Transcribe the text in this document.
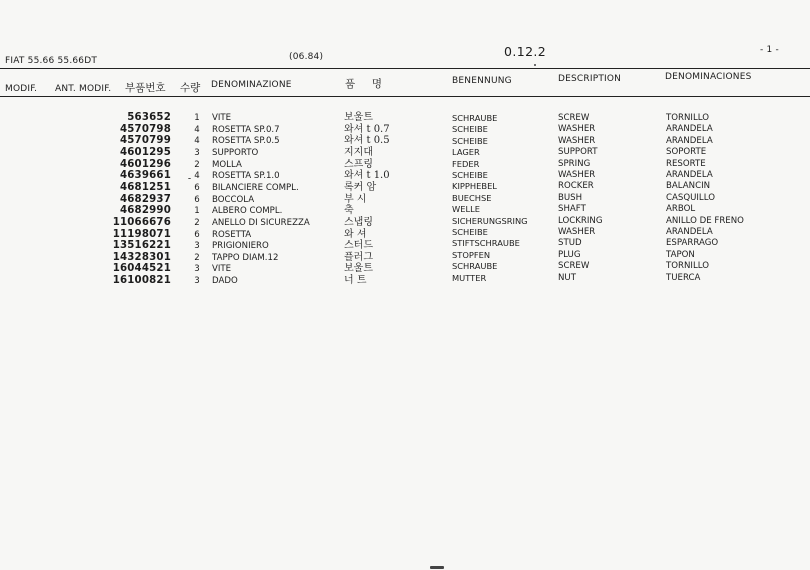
FIAT 55.66 55.66DT	(06.84)	0.12.2	- 1 -
MODIF. ANT. MODIF. 부품번호 수량 DENOMINAZIONE	품     명	BENENNUNG	DESCRIPTION	DENOMINACIONES
563652	1	VITE	보울트	SCHRAUBE	SCREW	TORNILLO
4570798	4	ROSETTA SP.0.7	와셔 t 0.7	SCHEIBE	WASHER	ARANDELA
4570799	4	ROSETTA SP.0.5	와셔 t 0.5	SCHEIBE	WASHER	ARANDELA
4601295	3	SUPPORTO	지지대	LAGER	SUPPORT	SOPORTE
4601296	2	MOLLA	스프링	FEDER	SPRING	RESORTE
4639661	4	ROSETTA SP.1.0	와셔 t 1.0	SCHEIBE	WASHER	ARANDELA
4681251	6	BILANCIERE COMPL.	록커 암	KIPPHEBEL	ROCKER	BALANCIN
4682937	6	BOCCOLA	부 시	BUECHSE	BUSH	CASQUILLO
4682990	1	ALBERO COMPL.	축	WELLE	SHAFT	ARBOL
11066676	2	ANELLO DI SICUREZZA	스냅링	SICHERUNGSRING	LOCKRING	ANILLO DE FRENO
11198071	6	ROSETTA	와 셔	SCHEIBE	WASHER	ARANDELA
13516221	3	PRIGIONIERO	스터드	STIFTSCHRAUBE	STUD	ESPARRAGO
14328301	2	TAPPO DIAM.12	플러그	STOPFEN	PLUG	TAPON
16044521	3	VITE	보울트	SCHRAUBE	SCREW	TORNILLO
16100821	3	DADO	너 트	MUTTER	NUT	TUERCA
